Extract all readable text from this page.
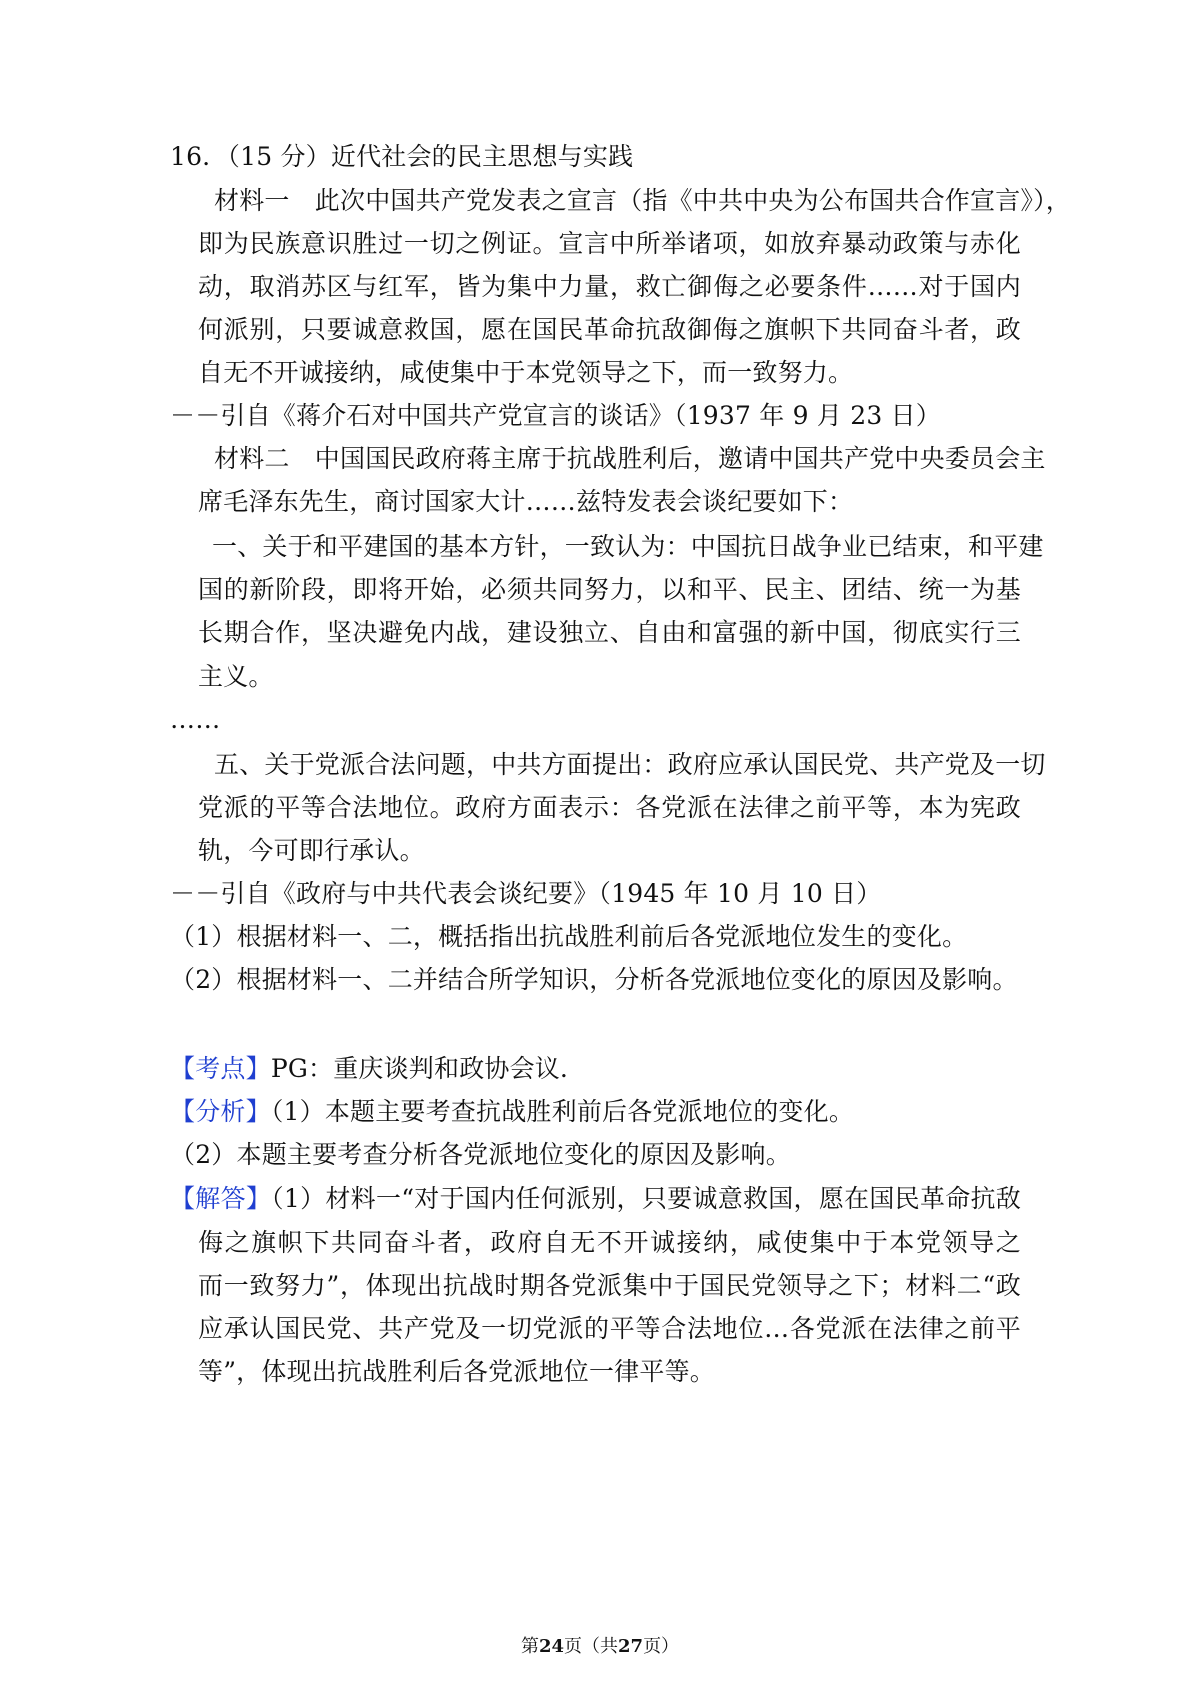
16．（15 分）近代社会的民主思想与实践
材料一　此次中国共产党发表之宣言（指《中共中央为公布国共合作宣言》），
即为民族意识胜过一切之例证。宣言中所举诸项，如放弃暴动政策与赤化
动，取消苏区与红军，皆为集中力量，救亡御侮之必要条件……对于国内
何派别，只要诚意救国，愿在国民革命抗敌御侮之旗帜下共同奋斗者，政
自无不开诚接纳，咸使集中于本党领导之下，而一致努力。
－－引自《蒋介石对中国共产党宣言的谈话》（1937 年 9 月 23 日）
材料二　中国国民政府蒋主席于抗战胜利后，邀请中国共产党中央委员会主
席毛泽东先生，商讨国家大计……兹特发表会谈纪要如下：
一、关于和平建国的基本方针，一致认为：中国抗日战争业已结束，和平建
国的新阶段，即将开始，必须共同努力，以和平、民主、团结、统一为基
长期合作，坚决避免内战，建设独立、自由和富强的新中国，彻底实行三
主义。
……
五、关于党派合法问题，中共方面提出：政府应承认国民党、共产党及一切
党派的平等合法地位。政府方面表示：各党派在法律之前平等，本为宪政
轨，今可即行承认。
－－引自《政府与中共代表会谈纪要》（1945 年 10 月 10 日）
（1）根据材料一、二，概括指出抗战胜利前后各党派地位发生的变化。
（2）根据材料一、二并结合所学知识，分析各党派地位变化的原因及影响。
【考点】PG：重庆谈判和政协会议．
【分析】（1）本题主要考查抗战胜利前后各党派地位的变化。
（2）本题主要考查分析各党派地位变化的原因及影响。
【解答】（1）材料一“对于国内任何派别，只要诚意救国，愿在国民革命抗敌
侮之旗帜下共同奋斗者，政府自无不开诚接纳，咸使集中于本党领导之
而一致努力”，体现出抗战时期各党派集中于国民党领导之下；材料二“政
应承认国民党、共产党及一切党派的平等合法地位…各党派在法律之前平
等”，体现出抗战胜利后各党派地位一律平等。
第24页（共27页）
